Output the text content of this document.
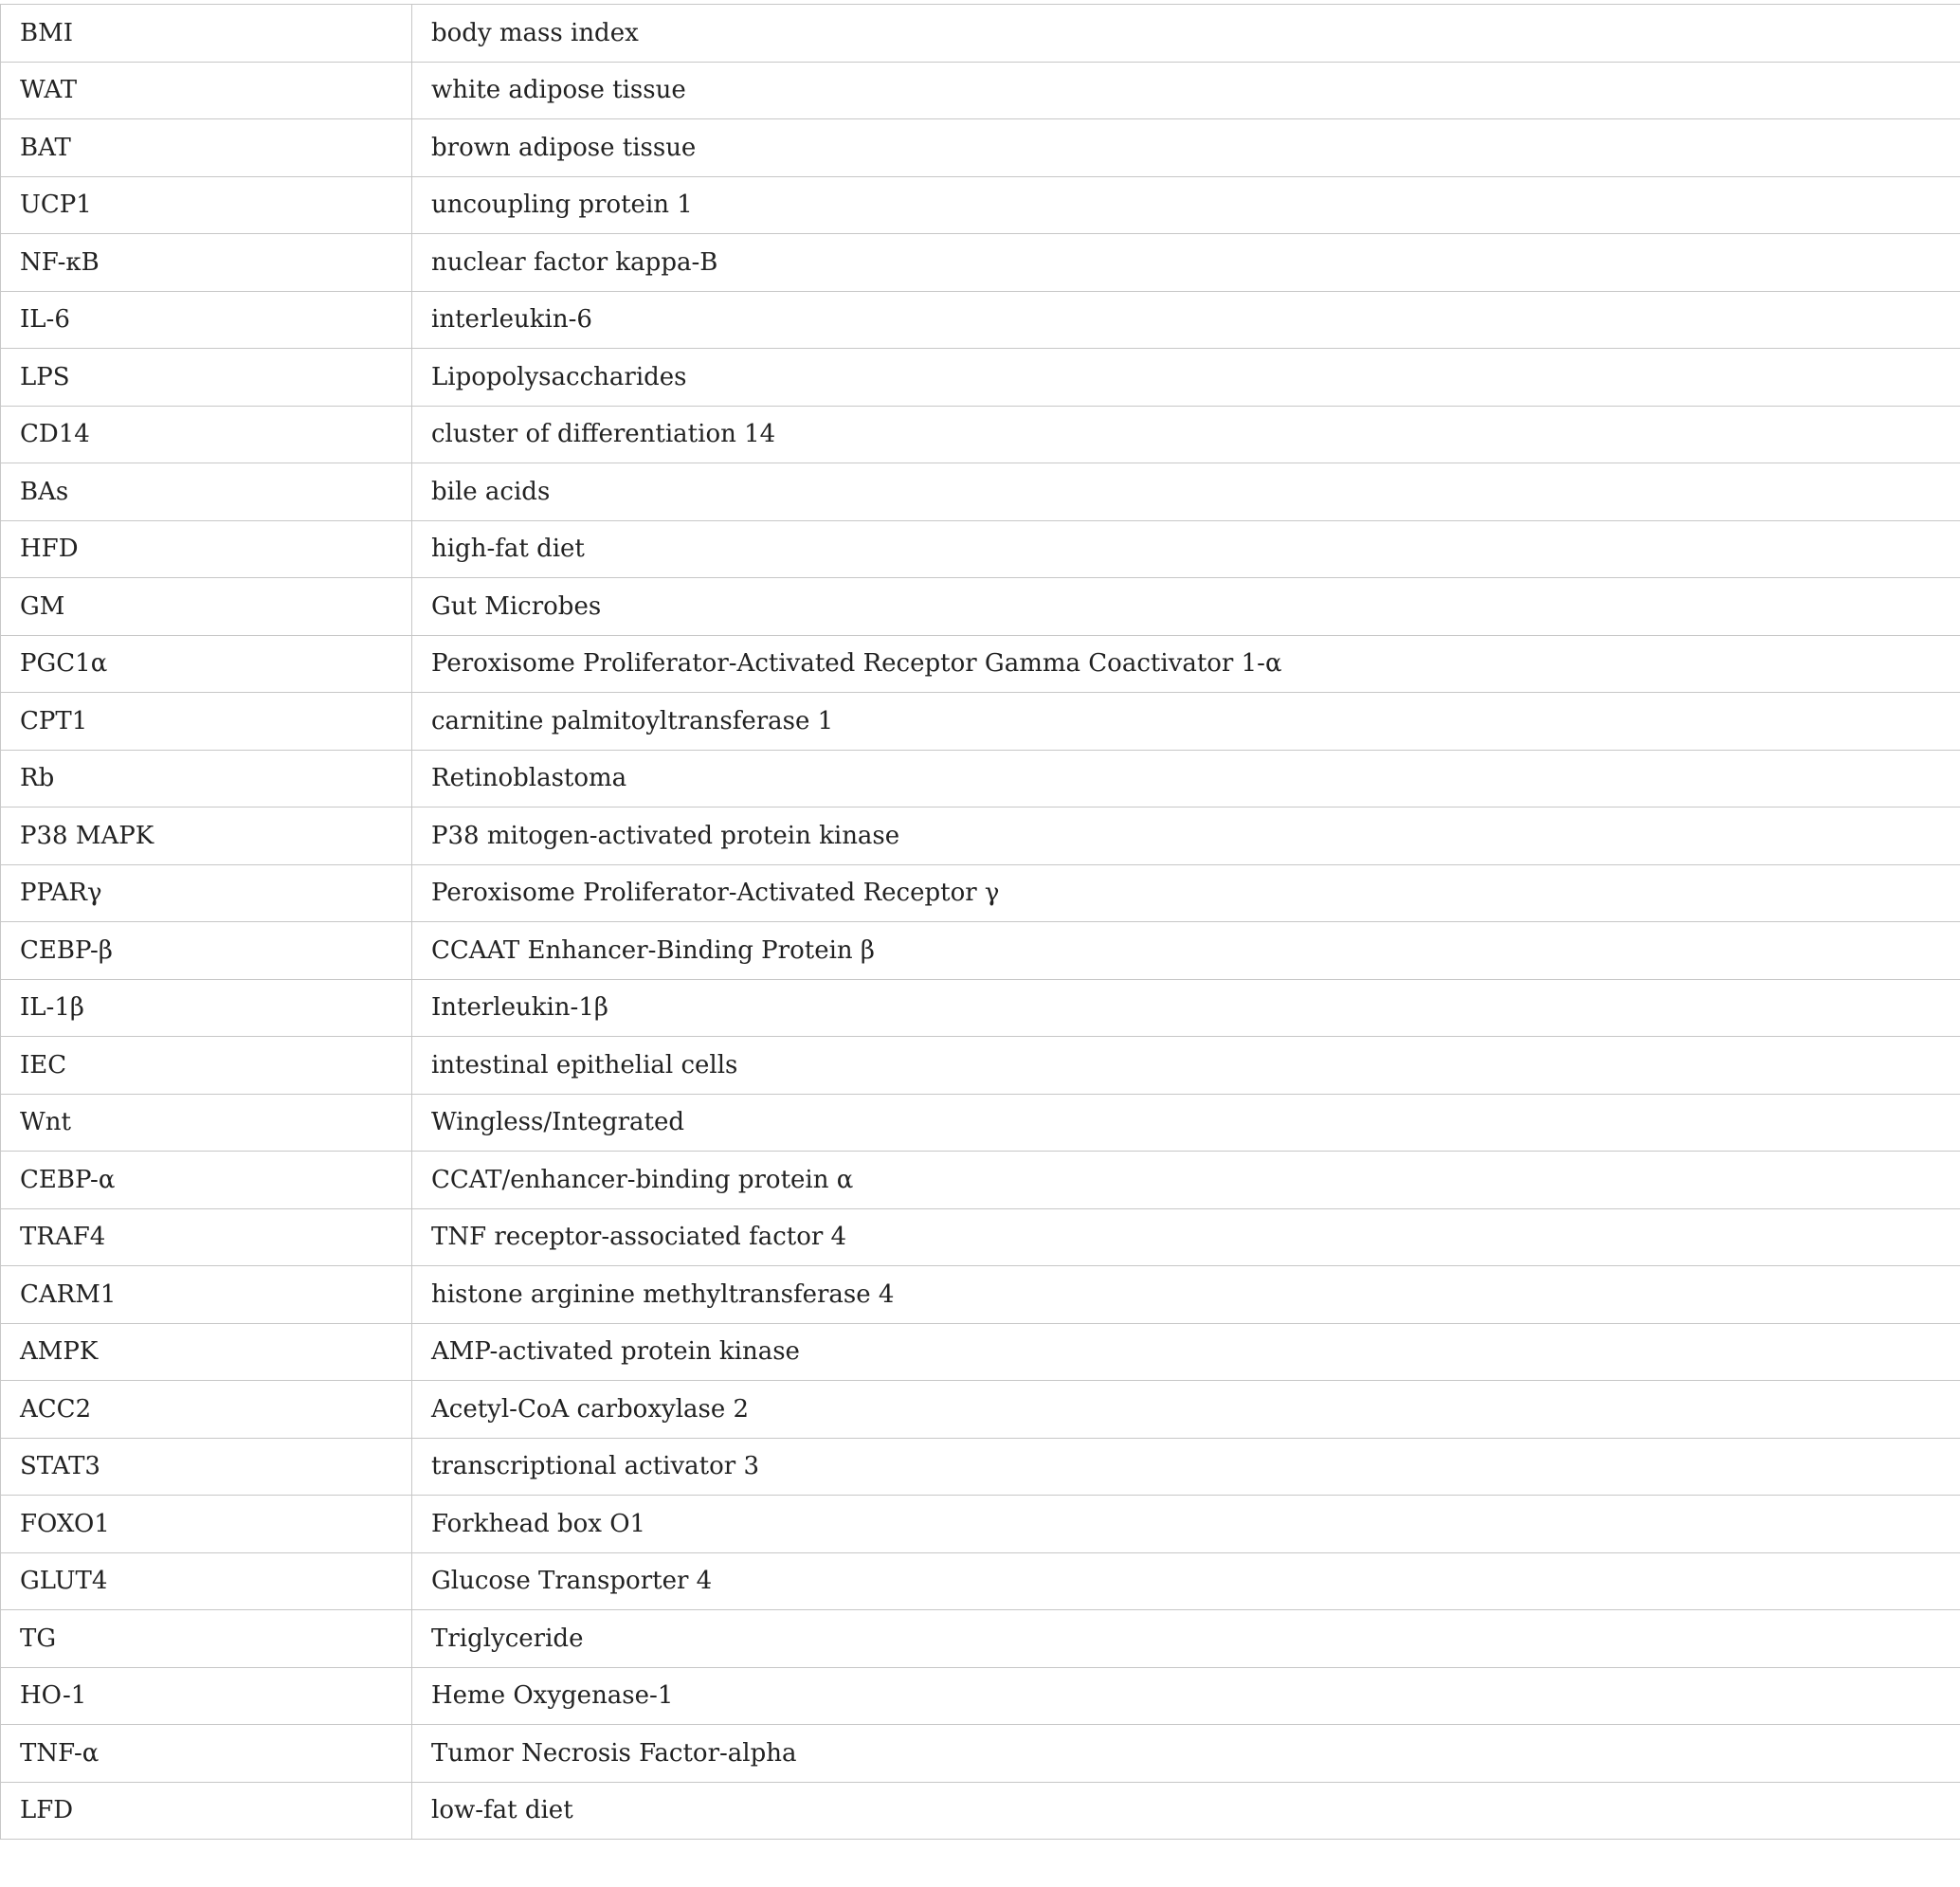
BMI	body mass index
WAT	white adipose tissue
BAT	brown adipose tissue
UCP1	uncoupling protein 1
NF-κB	nuclear factor kappa-B
IL-6	interleukin-6
LPS	Lipopolysaccharides
CD14	cluster of differentiation 14
BAs	bile acids
HFD	high-fat diet
GM	Gut Microbes
PGC1α	Peroxisome Proliferator-Activated Receptor Gamma Coactivator 1-α
CPT1	carnitine palmitoyltransferase 1
Rb	Retinoblastoma
P38 MAPK	P38 mitogen-activated protein kinase
PPARγ	Peroxisome Proliferator-Activated Receptor γ
CEBP-β	CCAAT Enhancer-Binding Protein β
IL-1β	Interleukin-1β
IEC	intestinal epithelial cells
Wnt	Wingless/Integrated
CEBP-α	CCAT/enhancer-binding protein α
TRAF4	TNF receptor-associated factor 4
CARM1	histone arginine methyltransferase 4
AMPK	AMP-activated protein kinase
ACC2	Acetyl-CoA carboxylase 2
STAT3	transcriptional activator 3
FOXO1	Forkhead box O1
GLUT4	Glucose Transporter 4
TG	Triglyceride
HO-1	Heme Oxygenase-1
TNF-α	Tumor Necrosis Factor-alpha
LFD	low-fat diet
